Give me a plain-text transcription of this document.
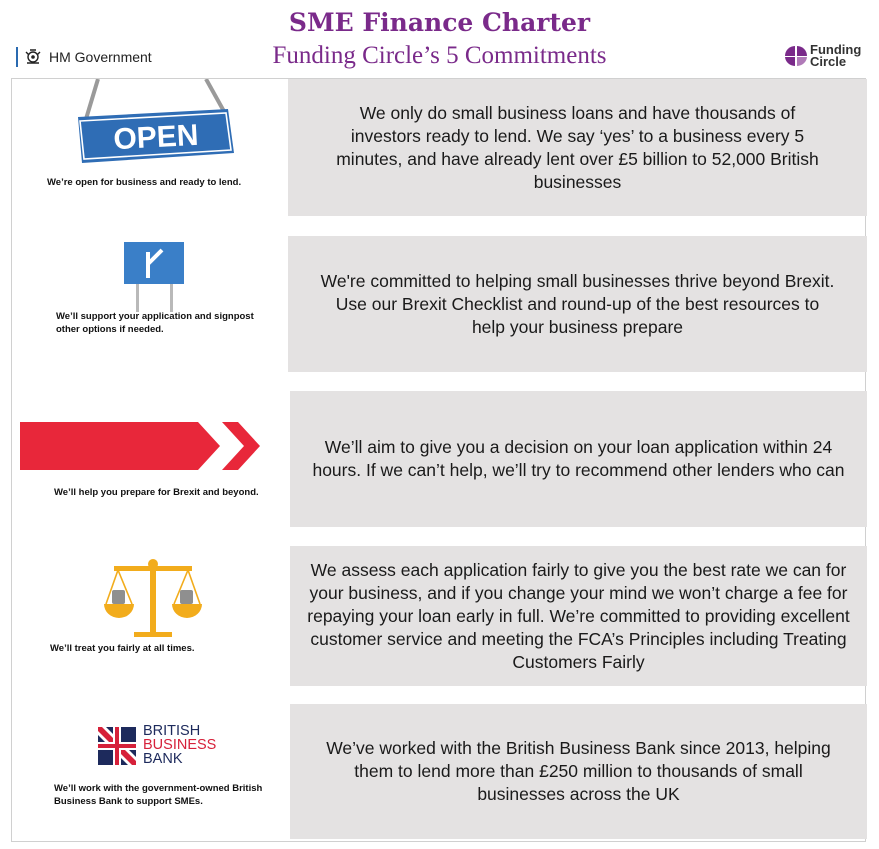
SME Finance Charter
Funding Circle’s 5 Commitments
HM Government	Funding
Circle
OPEN
We’re open for business and ready to lend.
We only do small business loans and have thousands of investors ready to lend. We say ‘yes’ to a business every 5 minutes, and have already lent over £5 billion to 52,000 British businesses
We’ll support your application and signpost other options if needed.
We're committed to helping small businesses thrive beyond Brexit. Use our Brexit Checklist and round-up of the best resources to help your business prepare
We’ll help you prepare for Brexit and beyond.
We’ll aim to give you a decision on your loan application within 24 hours. If we can’t help, we’ll try to recommend other lenders who can
We’ll treat you fairly at all times.
We assess each application fairly to give you the best rate we can for your business, and if you change your mind we won’t charge a fee for repaying your loan early in full. We’re committed to providing excellent customer service and meeting the FCA’s Principles including Treating Customers Fairly
BRITISH
BUSINESS
BANK
We’ll work with the government-owned British Business Bank to support SMEs.
We’ve worked with the British Business Bank since 2013, helping them to lend more than £250 million to thousands of small businesses across the UK
